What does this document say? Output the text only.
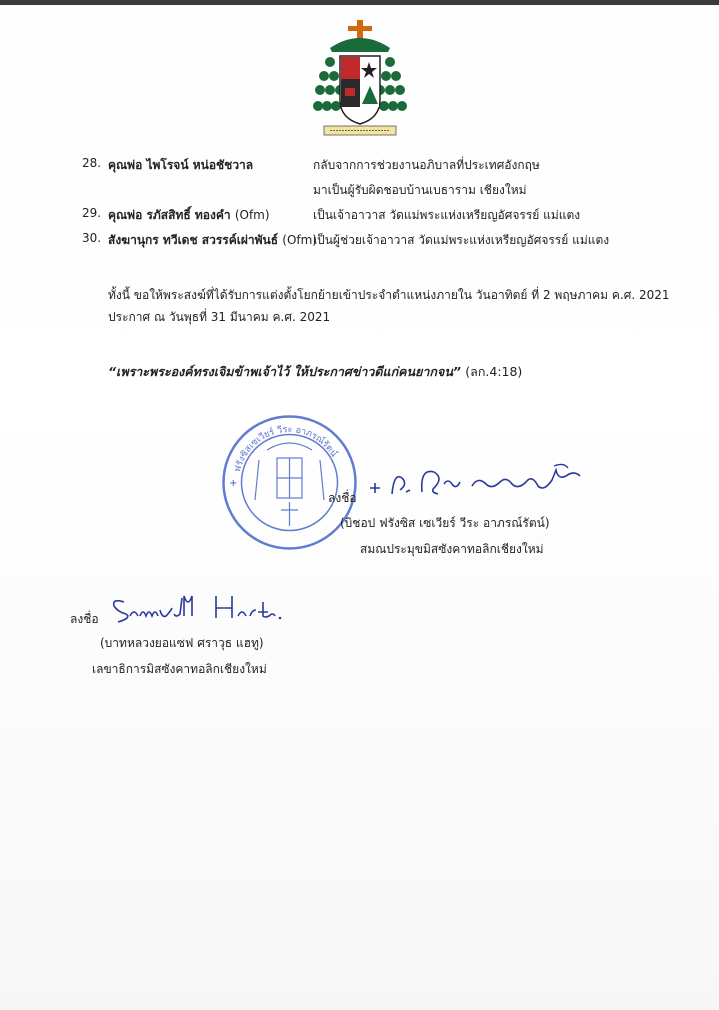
28. คุณพ่อ ไพโรจน์ หน่อชัชวาล	กลับจากการช่วยงานอภิบาลที่ประเทศอังกฤษ
มาเป็นผู้รับผิดชอบบ้านเบธาราม เชียงใหม่
29. คุณพ่อ รภัสสิทธิ์ ทองคำ (Ofm)	เป็นเจ้าอาวาส วัดแม่พระแห่งเหรียญอัศจรรย์ แม่แตง
30. สังฆานุกร ทวีเดช สวรรค์เผ่าพันธ์ (Ofm)
เป็นผู้ช่วยเจ้าอาวาส วัดแม่พระแห่งเหรียญอัศจรรย์ แม่แตง
ทั้งนี้ ขอให้พระสงฆ์ที่ได้รับการแต่งตั้งโยกย้ายเข้าประจำตำแหน่งภายใน วันอาทิตย์ ที่ 2 พฤษภาคม ค.ศ. 2021
ประกาศ ณ วันพุธที่ 31 มีนาคม ค.ศ. 2021
“เพราะพระองค์ทรงเจิมข้าพเจ้าไว้ ให้ประกาศข่าวดีแก่คนยากจน” (ลก.4:18)
ฟรังซิสเซเวียร์ วีระ อาภรณ์รัตน์
+
ลงชื่อ
(บิชอป ฟรังซิส เซเวียร์ วีระ อาภรณ์รัตน์)
สมณประมุขมิสซังคาทอลิกเชียงใหม่
ลงชื่อ
(บาทหลวงยอแซฟ ศราวุธ แฮทู)
เลขาธิการมิสซังคาทอลิกเชียงใหม่
